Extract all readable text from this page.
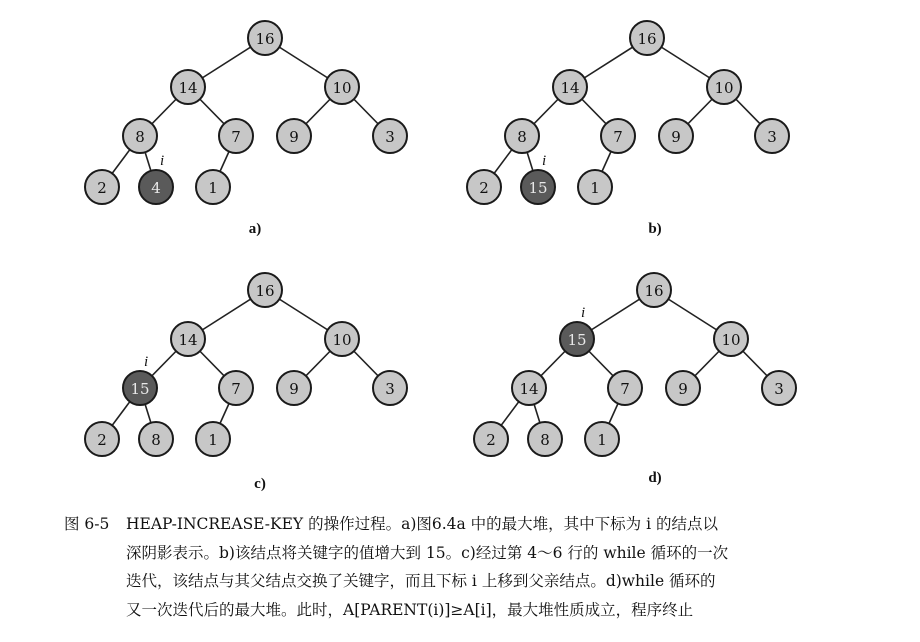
16
14	10
8	7	9	3
2	4	1
i
a)
16
14	10
8	7	9	3
2	15	1
i
b)
16
14	10
15	7	9	3
2	8	1
i
c)
16
15	10
14	7	9	3
2	8	1
i
d)

图 6-5 HEAP-INCREASE-KEY 的操作过程。a)图6.4a 中的最大堆，其中下标为 i 的结点以

深阴影表示。b)该结点将关键字的值增大到 15。c)经过第 4～6 行的 while 循环的一次

迭代，该结点与其父结点交换了关键字，而且下标 i 上移到父亲结点。d)while 循环的

又一次迭代后的最大堆。此时，A[PARENT(i)]≥A[i]，最大堆性质成立，程序终止
